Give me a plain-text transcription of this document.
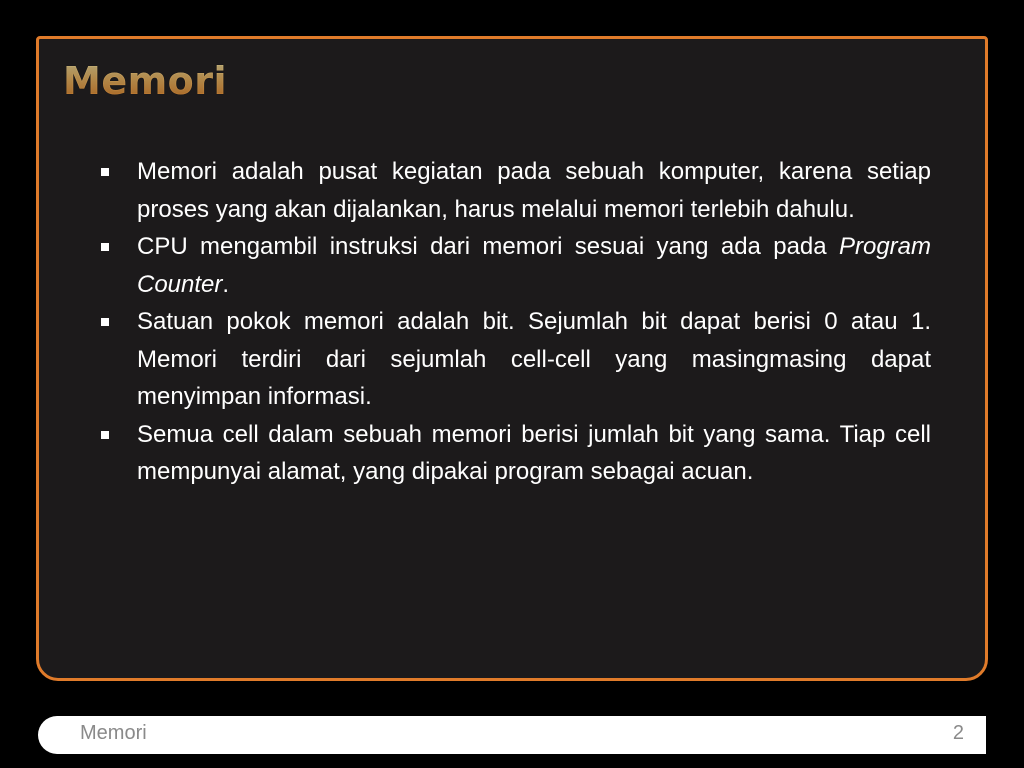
Memori
Memori adalah pusat kegiatan pada sebuah komputer, karena setiap proses yang akan dijalankan, harus melalui memori terlebih dahulu.
CPU mengambil instruksi dari memori sesuai yang ada pada Program Counter.
Satuan pokok memori adalah bit. Sejumlah bit dapat berisi 0 atau 1. Memori terdiri dari sejumlah cell-cell yang masingmasing dapat menyimpan informasi.
Semua cell dalam sebuah memori berisi jumlah bit yang sama. Tiap cell mempunyai alamat, yang dipakai program sebagai acuan.
Memori	2
